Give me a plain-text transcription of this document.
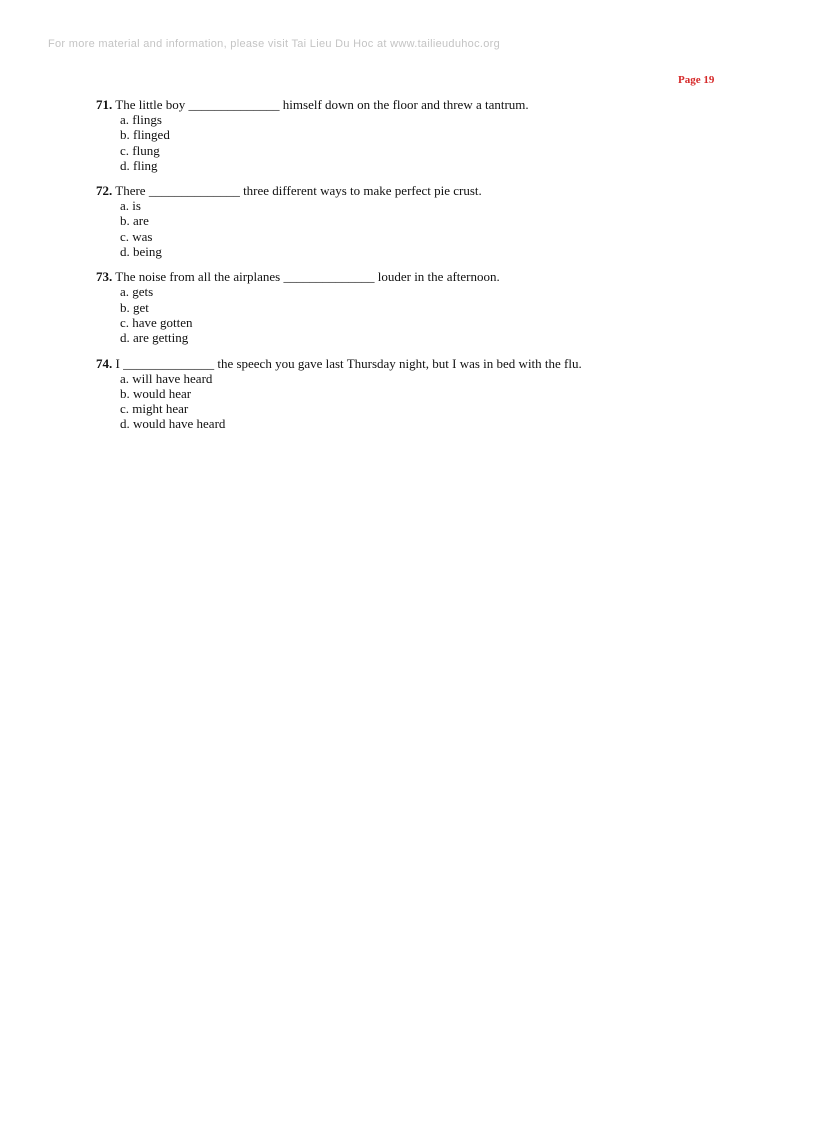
For more material and information, please visit Tai Lieu Du Hoc at www.tailieuduhoc.org
Page 19
71. The little boy ______________ himself down on the floor and threw a tantrum.
a. flings
b. flinged
c. flung
d. fling
72. There ______________ three different ways to make perfect pie crust.
a. is
b. are
c. was
d. being
73. The noise from all the airplanes ______________ louder in the afternoon.
a. gets
b. get
c. have gotten
d. are getting
74. I ______________ the speech you gave last Thursday night, but I was in bed with the flu.
a. will have heard
b. would hear
c. might hear
d. would have heard
